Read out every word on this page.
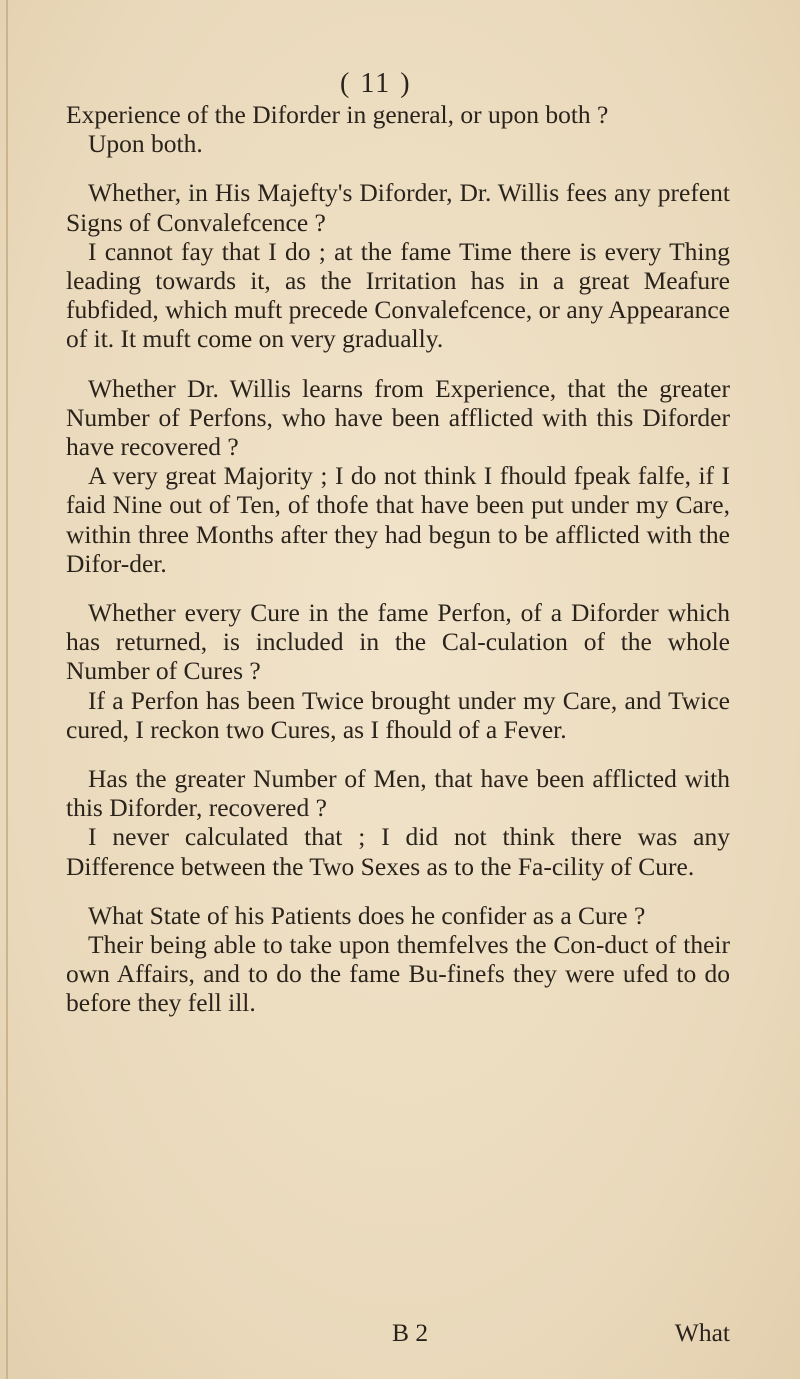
( 11 )

Experience of the Diforder in general, or upon both ?

Upon both.

Whether, in His Majefty's Diforder, Dr. Willis fees any prefent Signs of Convalefcence ?

I cannot fay that I do ; at the fame Time there is every Thing leading towards it, as the Irritation has in a great Meafure fubfided, which muft precede Convalefcence, or any Appearance of it. It muft come on very gradually.

Whether Dr. Willis learns from Experience, that the greater Number of Perfons, who have been afflicted with this Diforder have recovered ?

A very great Majority ; I do not think I fhould fpeak falfe, if I faid Nine out of Ten, of thofe that have been put under my Care, within three Months after they had begun to be afflicted with the Difor-der.

Whether every Cure in the fame Perfon, of a Diforder which has returned, is included in the Cal-culation of the whole Number of Cures ?

If a Perfon has been Twice brought under my Care, and Twice cured, I reckon two Cures, as I fhould of a Fever.

Has the greater Number of Men, that have been afflicted with this Diforder, recovered ?

I never calculated that ; I did not think there was any Difference between the Two Sexes as to the Fa-cility of Cure.

What State of his Patients does he confider as a Cure ?

Their being able to take upon themfelves the Con-duct of their own Affairs, and to do the fame Bu-finefs they were ufed to do before they fell ill.

B 2	What
